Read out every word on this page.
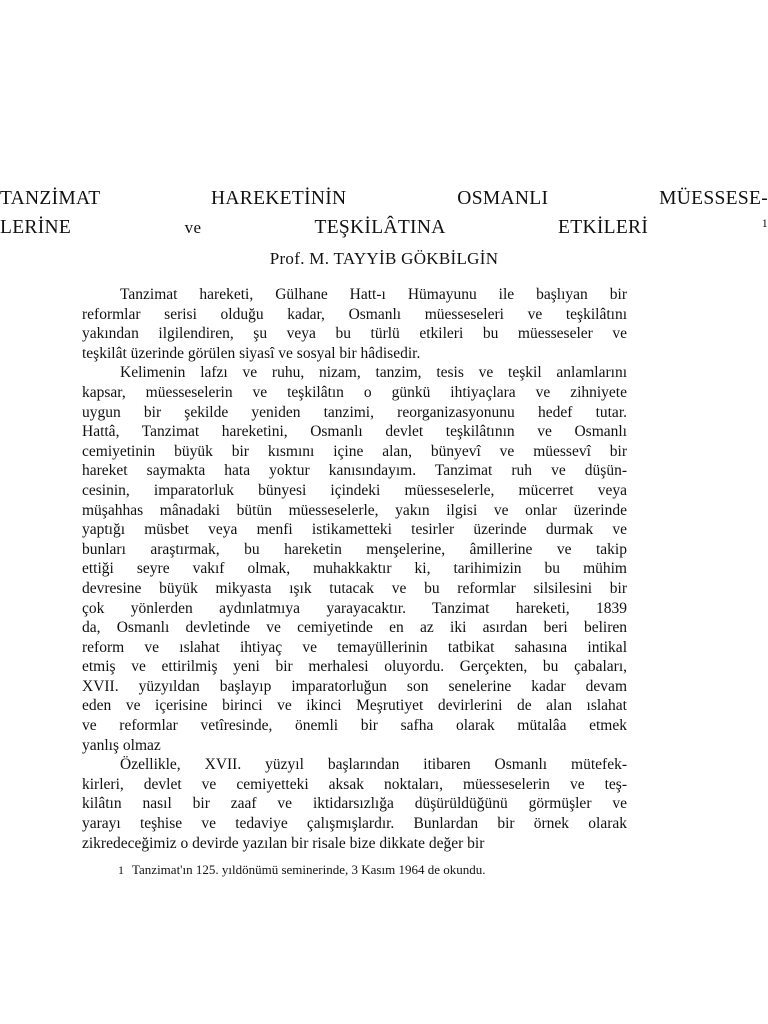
TANZİMAT HAREKETİNİN OSMANLI MÜESSESE-
LERİNE	ve	TEŞKİLÂTINA ETKİLERİ	$^1$
Prof. M. TAYYİB GÖKBİLGİN
Tanzimat hareketi, Gülhane Hatt-ı Hümayunu ile başlıyan bir
reformlar serisi olduğu kadar, Osmanlı müesseseleri ve teşkilâtını
yakından ilgilendiren, şu veya bu türlü etkileri bu müesseseler ve
teşkilât üzerinde görülen siyasî ve sosyal bir hâdisedir.
Kelimenin lafzı ve ruhu, nizam, tanzim, tesis ve teşkil anlamlarını
kapsar, müesseselerin ve teşkilâtın o günkü ihtiyaçlara ve zihniyete
uygun bir şekilde yeniden tanzimi, reorganizasyonunu hedef tutar.
Hattâ, Tanzimat hareketini, Osmanlı devlet teşkilâtının ve Osmanlı
cemiyetinin büyük bir kısmını içine alan, bünyevî ve müessevî bir
hareket saymakta hata yoktur kanısındayım. Tanzimat ruh ve düşün-
cesinin, imparatorluk bünyesi içindeki müesseselerle, mücerret veya
müşahhas mânadaki bütün müesseselerle, yakın ilgisi ve onlar üzerinde
yaptığı müsbet veya menfi istikametteki tesirler üzerinde durmak ve
bunları araştırmak, bu hareketin menşelerine, âmillerine ve takip
ettiği seyre vakıf olmak, muhakkaktır ki, tarihimizin bu mühim
devresine büyük mikyasta ışık tutacak ve bu reformlar silsilesini bir
çok yönlerden aydınlatmıya yarayacaktır. Tanzimat hareketi, 1839
da, Osmanlı devletinde ve cemiyetinde en az iki asırdan beri beliren
reform ve ıslahat ihtiyaç ve temayüllerinin tatbikat sahasına intikal
etmiş ve ettirilmiş yeni bir merhalesi oluyordu. Gerçekten, bu çabaları,
XVII. yüzyıldan başlayıp imparatorluğun son senelerine kadar devam
eden ve içerisine birinci ve ikinci Meşrutiyet devirlerini de alan ıslahat
ve reformlar vetîresinde, önemli bir safha olarak mütalâa etmek
yanlış olmaz
Özellikle, XVII. yüzyıl başlarından itibaren Osmanlı mütefek-
kirleri, devlet ve cemiyetteki aksak noktaları, müesseselerin ve teş-
kilâtın nasıl bir zaaf ve iktidarsızlığa düşürüldüğünü görmüşler ve
yarayı teşhise ve tedaviye çalışmışlardır. Bunlardan bir örnek olarak
zikredeceğimiz o devirde yazılan bir risale bize dikkate değer bir
1 Tanzimat'ın 125. yıldönümü seminerinde, 3 Kasım 1964 de okundu.
